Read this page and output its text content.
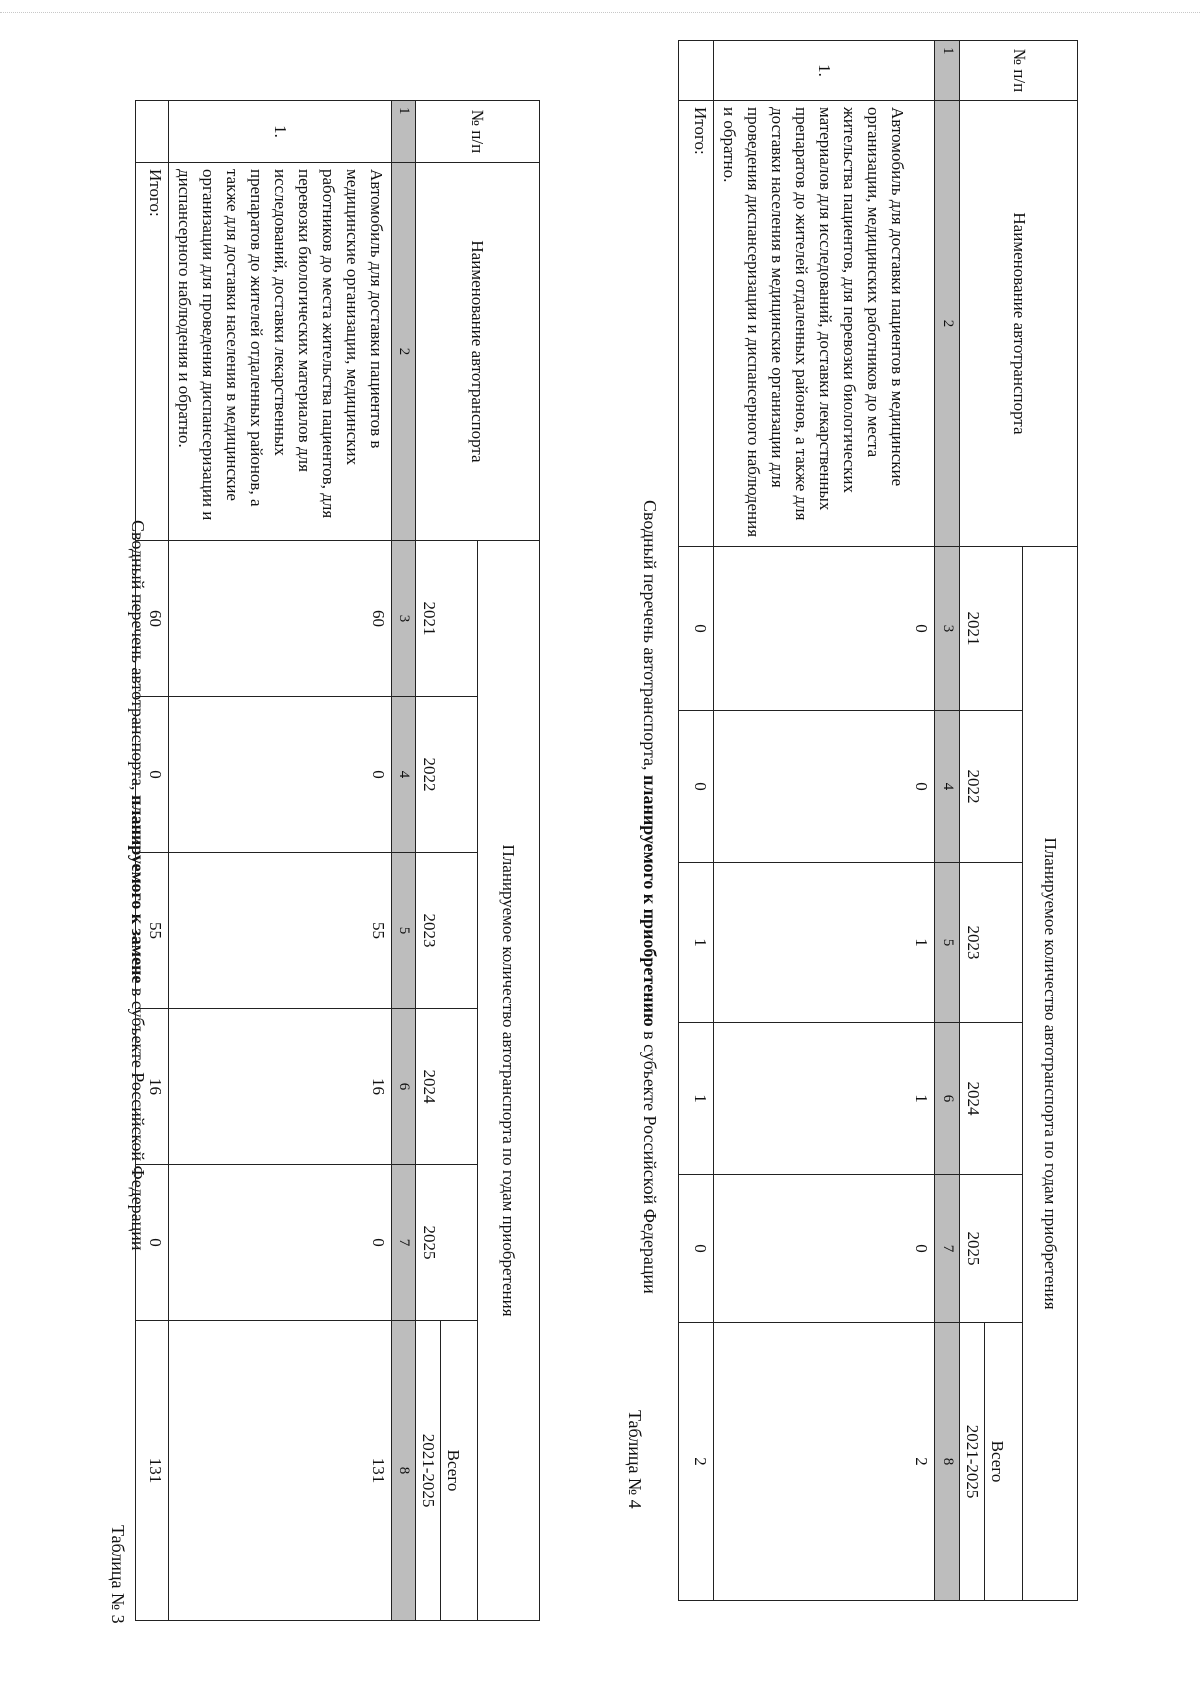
Таблица № 3
Сводный перечень автотранспорта, планируемого к замене в субъекте Российской Федерации
№ п/п	Наименование автотранспорта	Планируемое количество автотранспорта по годам приобретения					
		2021	2022	2023	2024	2025	Всего
2021-2025

1	2	3	4	5	6	7	8
1.	Автомобиль для доставки пациентов в медицинские организации, медицинских работников до места жительства пациентов, для перевозки биологических материалов для исследований, доставки лекарственных препаратов до жителей отдаленных районов, а также для доставки населения в медицинские организации для проведения диспансеризации и диспансерного наблюдения и обратно.	60	0	55	16	0	131
	Итого:	60	0	55	16	0	131	Таблица № 4
Сводный перечень автотранспорта, планируемого к приобретению в субъекте Российской Федерации
№ п/п	Наименование автотранспорта	Планируемое количество автотранспорта по годам приобретения					
		2021	2022	2023	2024	2025	Всего
2021-2025

1	2	3	4	5	6	7	8
1.	Автомобиль для доставки пациентов в медицинские организации, медицинских работников до места жительства пациентов, для перевозки биологических материалов для исследований, доставки лекарственных препаратов до жителей отдаленных районов, а также для доставки населения в медицинские организации для проведения диспансеризации и диспансерного наблюдения и обратно.	0	0	1	1	0	2
	Итого:	0	0	1	1	0	2
